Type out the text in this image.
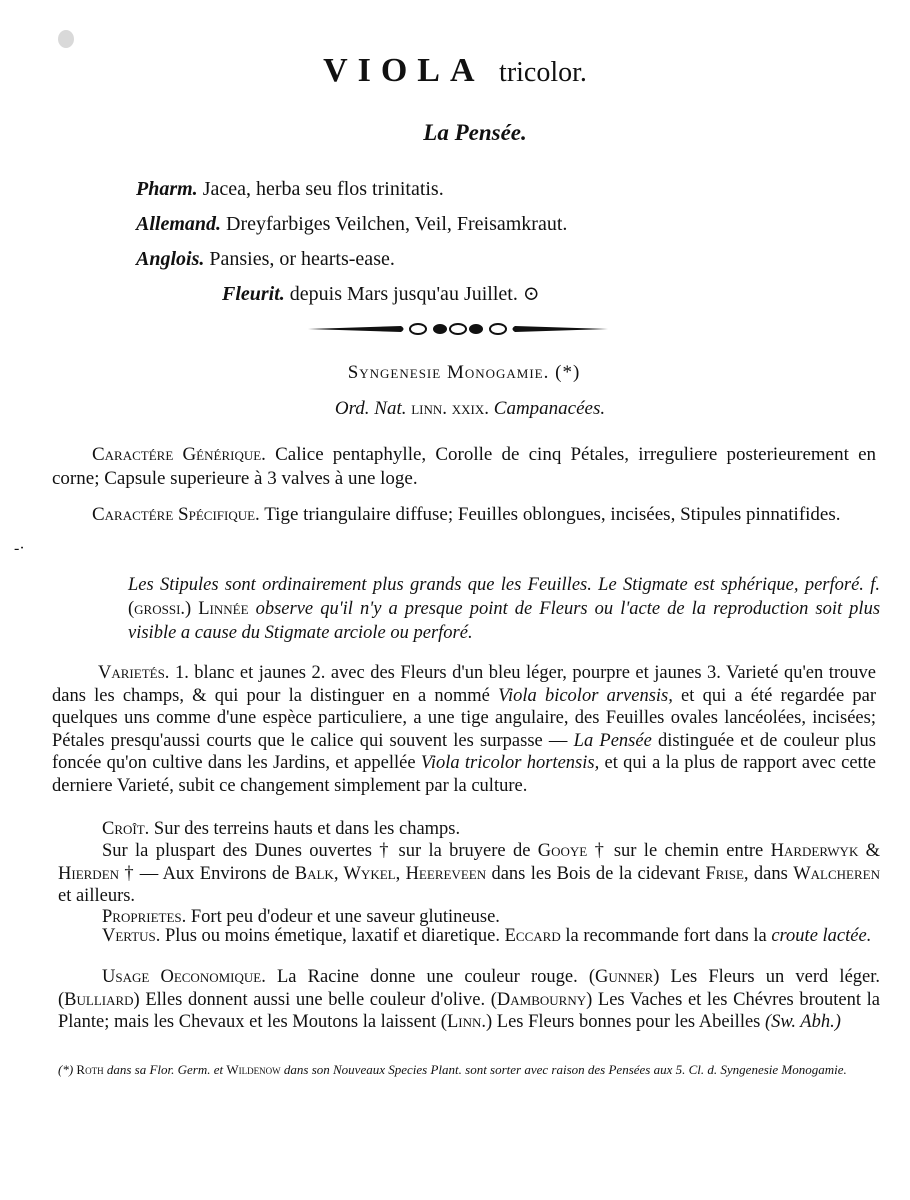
‐·
VIOLA tricolor.
La Pensée.
Pharm. Jacea, herba seu flos trinitatis.
Allemand. Dreyfarbiges Veilchen, Veil, Freisamkraut.
Anglois. Pansies, or hearts-ease.
Fleurit. depuis Mars jusqu'au Juillet. ⊙
Syngenesie Monogamie. (*)
Ord. Nat. linn. xxix. Campanacées.
Caractére Générique. Calice pentaphylle, Corolle de cinq Pétales, irreguliere posterieurement en corne; Capsule superieure à 3 valves à une loge.
Caractére Spécifique. Tige triangulaire diffuse; Feuilles oblongues, incisées, Stipules pinnatifides.
Les Stipules sont ordinairement plus grands que les Feuilles. Le Stigmate est sphérique, perforé. f. (grossi.) Linnée observe qu'il n'y a presque point de Fleurs ou l'acte de la reproduction soit plus visible a cause du Stigmate arciole ou perforé.
Varietés. 1. blanc et jaunes 2. avec des Fleurs d'un bleu léger, pourpre et jaunes 3. Varieté qu'en trouve dans les champs, & qui pour la distinguer en a nommé Viola bicolor arvensis, et qui a été regardée par quelques uns comme d'une espèce particuliere, a une tige angulaire, des Feuilles ovales lancéolées, incisées; Pétales presqu'aussi courts que le calice qui souvent les surpasse — La Pensée distinguée et de couleur plus foncée qu'on cultive dans les Jardins, et appellée Viola tricolor hortensis, et qui a la plus de rapport avec cette derniere Varieté, subit ce changement simplement par la culture.
Croît. Sur des terreins hauts et dans les champs.
Sur la pluspart des Dunes ouvertes † sur la bruyere de Gooye † sur le chemin entre Harderwyk & Hierden † — Aux Environs de Balk, Wykel, Heereveen dans les Bois de la cidevant Frise, dans Walcheren et ailleurs.
Proprietes. Fort peu d'odeur et une saveur glutineuse.
Vertus. Plus ou moins émetique, laxatif et diaretique. Eccard la recommande fort dans la croute lactée.
Usage Oeconomique. La Racine donne une couleur rouge. (Gunner) Les Fleurs un verd léger. (Bulliard) Elles donnent aussi une belle couleur d'olive. (Dambourny) Les Vaches et les Chévres broutent la Plante; mais les Chevaux et les Moutons la laissent (Linn.) Les Fleurs bonnes pour les Abeilles (Sw. Abh.)
(*) Roth dans sa Flor. Germ. et Wildenow dans son Nouveaux Species Plant. sont sorter avec raison des Pensées aux 5. Cl. d. Syngenesie Monogamie.
